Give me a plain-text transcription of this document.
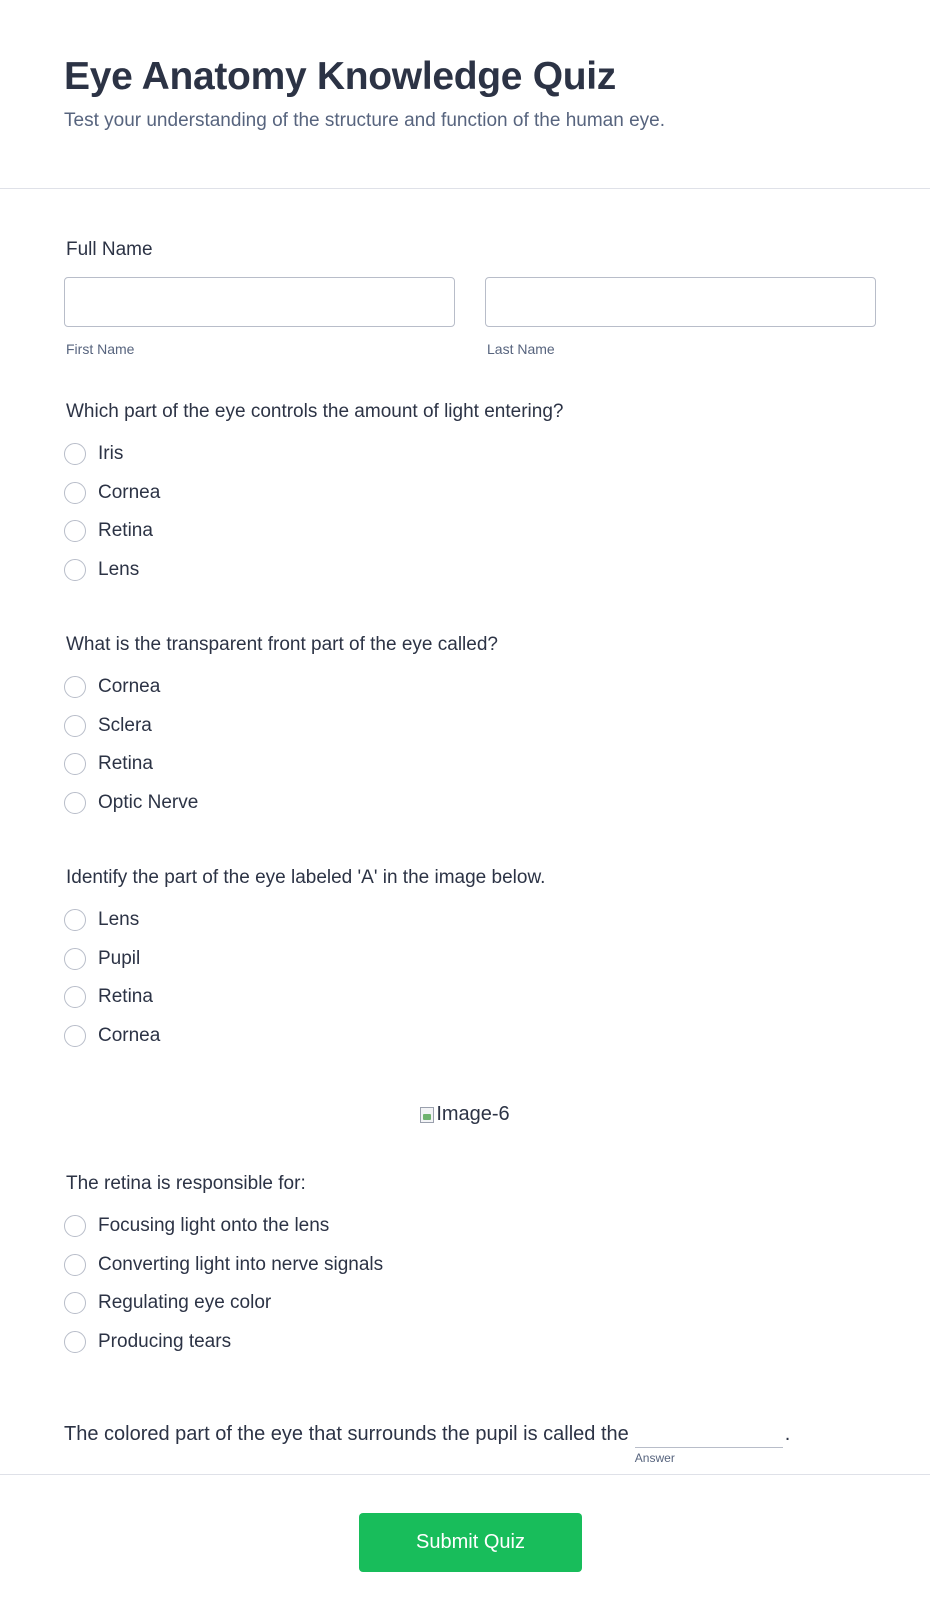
Eye Anatomy Knowledge Quiz
Test your understanding of the structure and function of the human eye.
Full Name
First Name	Last Name
Which part of the eye controls the amount of light entering?
Iris
Cornea
Retina
Lens
What is the transparent front part of the eye called?
Cornea
Sclera
Retina
Optic Nerve
Identify the part of the eye labeled 'A' in the image below.
Lens
Pupil
Retina
Cornea
Image-6
The retina is responsible for:
Focusing light onto the lens
Converting light into nerve signals
Regulating eye color
Producing tears
The colored part of the eye that surrounds the pupil is called the
Answer
.
Submit Quiz
